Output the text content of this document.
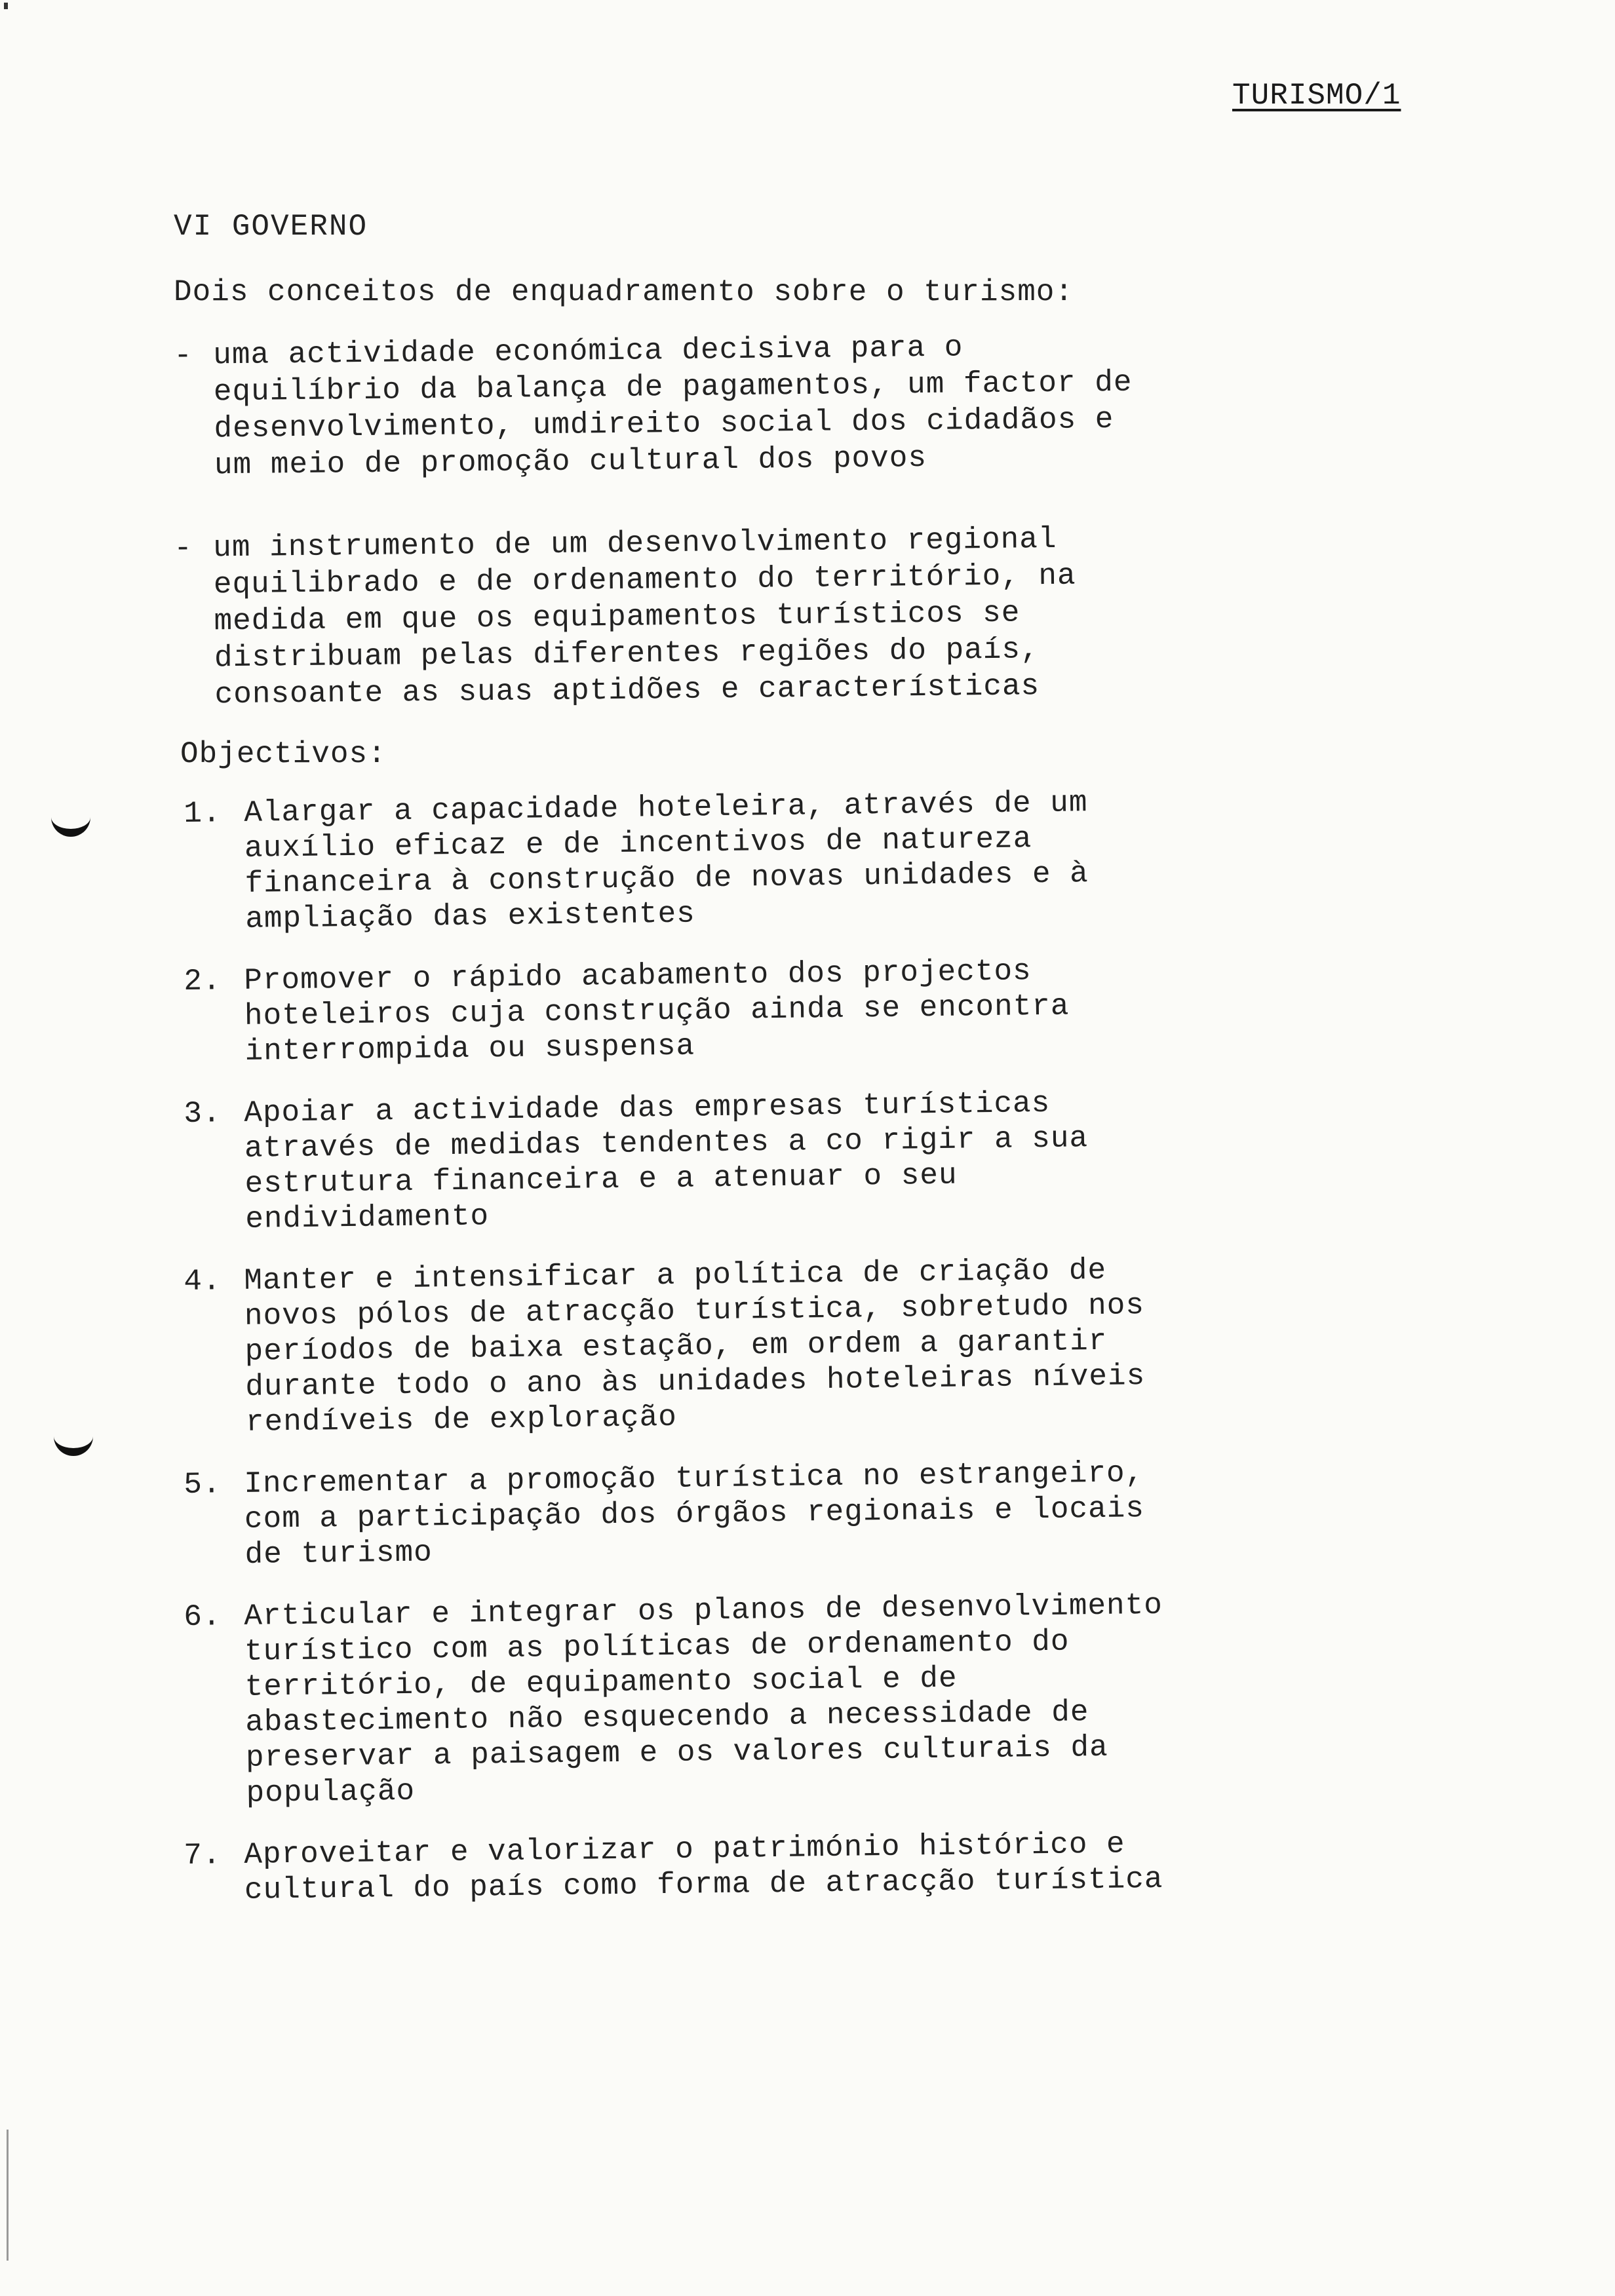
TURISMO/1
VI GOVERNO
Dois conceitos de enquadramento sobre o turismo:
- uma actividade económica decisiva para o equilíbrio da balança de pagamentos, um factor de desenvolvimento, umdireito social dos cidadãos e um meio de promoção cultural dos povos
- um instrumento de um desenvolvimento regional equilibrado e de ordenamento do território, na medida em que os equipamentos turísticos se distribuam pelas diferentes regiões do país, consoante as suas aptidões e características
Objectivos:
1. Alargar a capacidade hoteleira, através de um auxílio eficaz e de incentivos de natureza financeira à construção de novas unidades e à ampliação das existentes
2. Promover o rápido acabamento dos projectos hoteleiros cuja construção ainda se encontra interrompida ou suspensa
3. Apoiar a actividade das empresas turísticas através de medidas tendentes a co rigir a sua estrutura financeira e a atenuar o seu endividamento
4. Manter e intensificar a política de criação de novos pólos de atracção turística, sobretudo nos períodos de baixa estação, em ordem a garantir durante todo o ano às unidades hoteleiras níveis rendíveis de exploração
5. Incrementar a promoção turística no estrangeiro, com a participação dos órgãos regionais e locais de turismo
6. Articular e integrar os planos de desenvolvimento turístico com as políticas de ordenamento do território, de equipamento social e de abastecimento não esquecendo a necessidade de preservar a paisagem e os valores culturais da população
7. Aproveitar e valorizar o património histórico e cultural do país como forma de atracção turística
